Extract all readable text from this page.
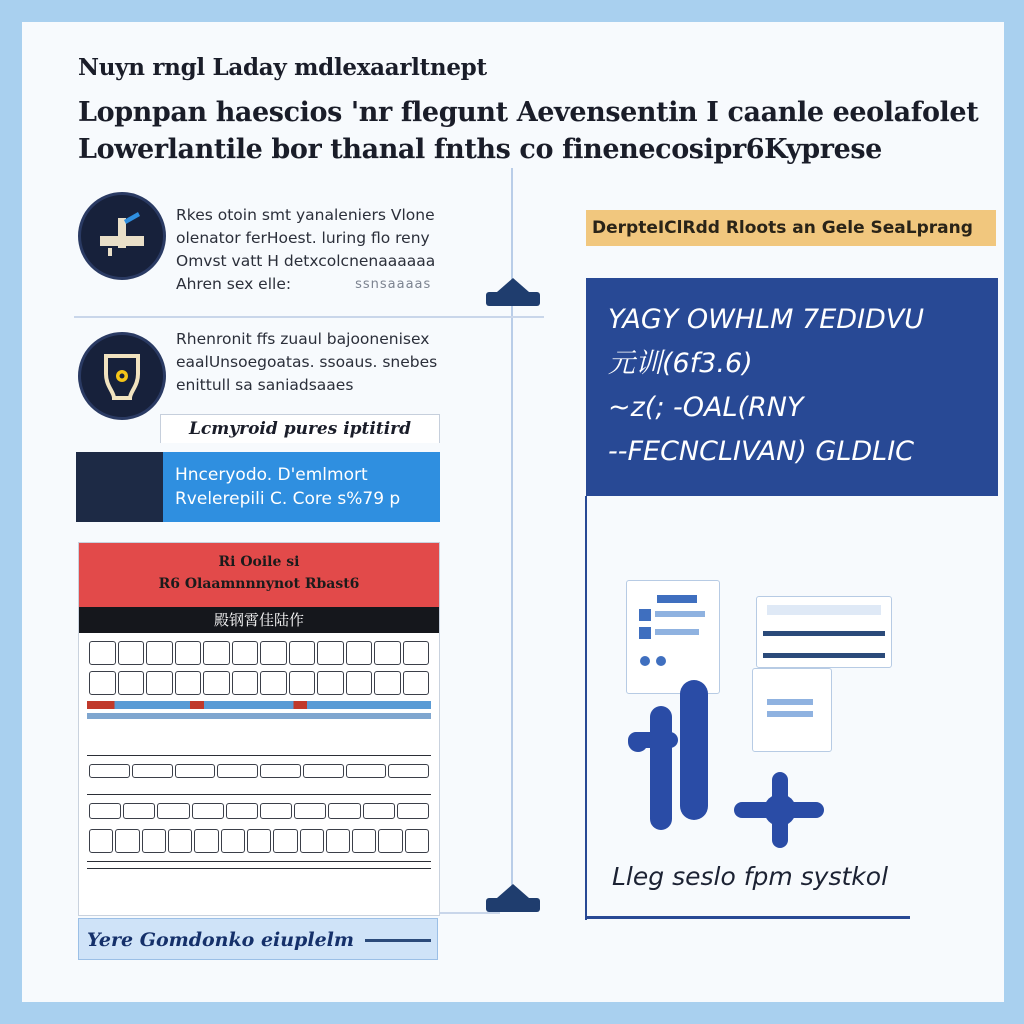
Nuyn rngl Laday mdlexaarltnept
Lopnpan haescios 'nr flegunt Aevensentin I caanle eeolafolet
Lowerlantile bor thanal fnths co finenecosipr6Kyprese
Rkes otoin smt yanaleniers Vlone
olenator ferHoest. luring flo reny
Omvst vatt H detxcolcnenaaaaaa
Ahren sex elle:	ssnsaaaas
Rhenronit ffs zuaul bajoonenisex
eaalUnsoegoatas. ssoaus. snebes
enittull sa saniadsaaes
Lcmyroid pures iptitird
Hnceryodo. D'emlmort
Rvelerepili C. Core s%79 p
Ri Ooile si
R6 Olaamnnnynot Rbast6
殿钢霄佳陆作
Yere Gomdonko eiuplelm
DerpteIClRdd Rloots an Gele SeaLprang
YAGY OWHLM 7EDIDVU
元训(6f3.6)
~z(; -OAL(RNY
--FECNCLIVAN) GLDLIC
Lleg seslo fpm systkol
